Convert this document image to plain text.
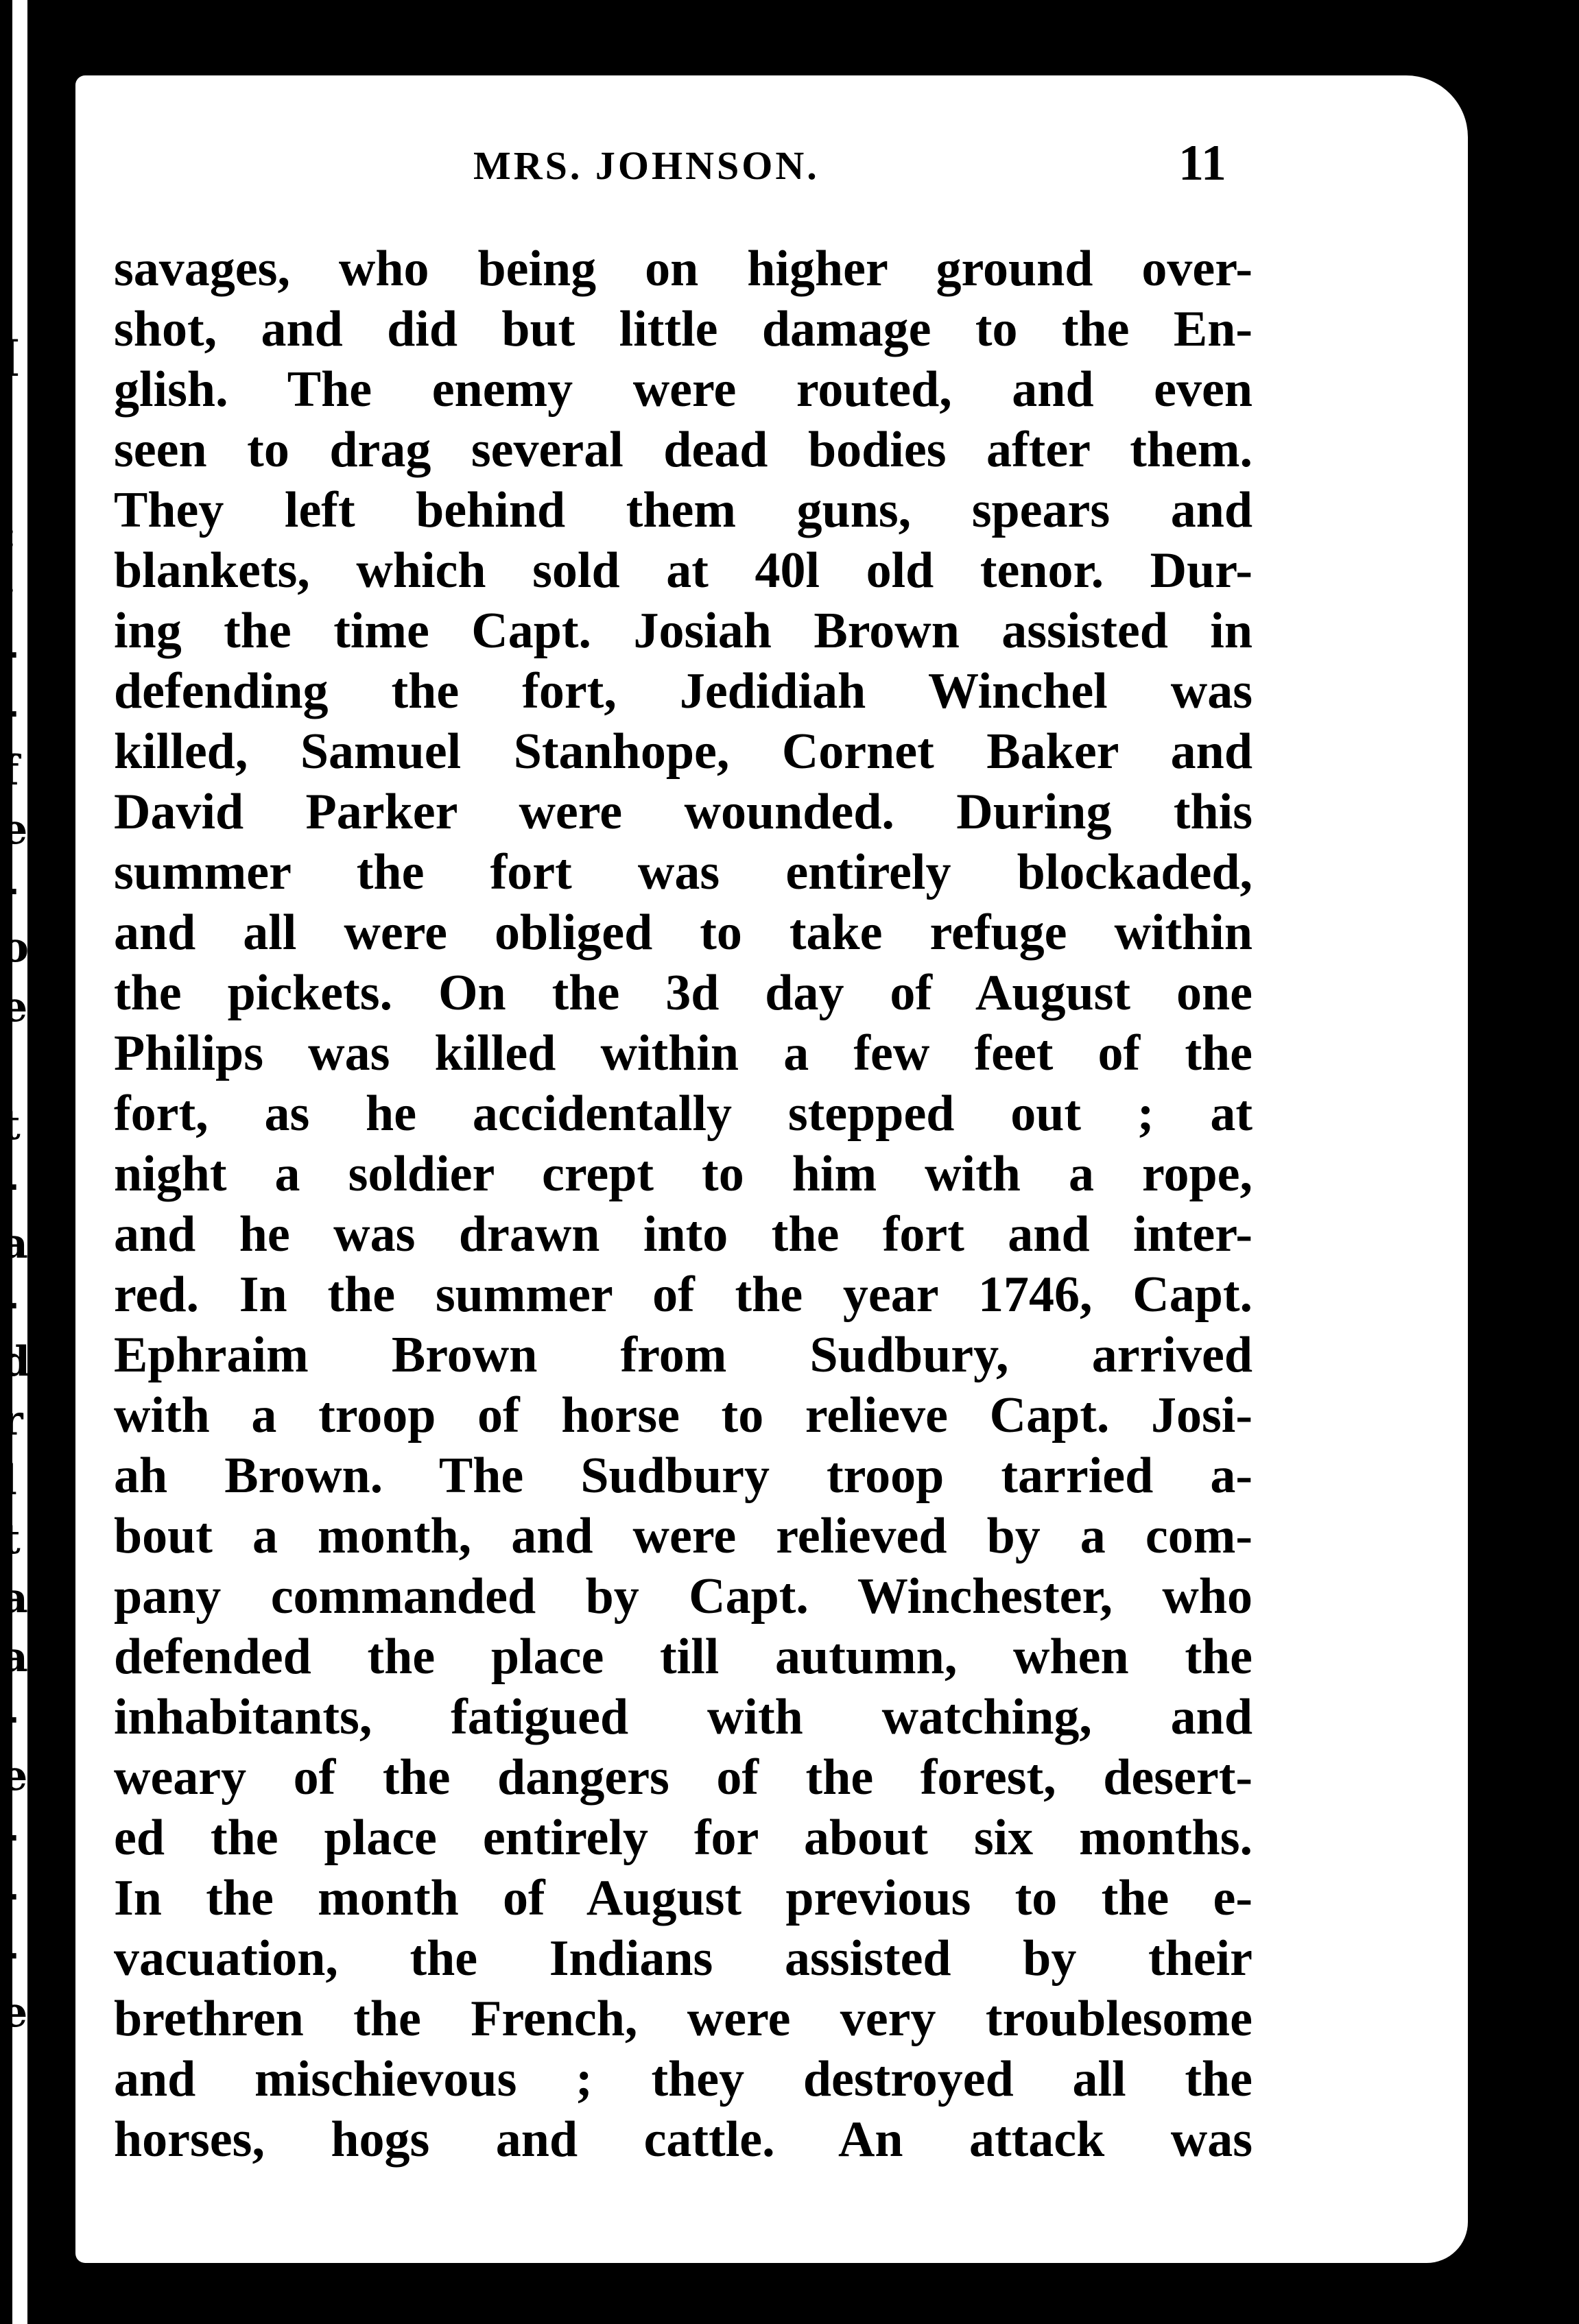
[
|
,
:
;
-
-
f
e
-
o
e
,
t
-
a
-
d
r
l
t
a
a
-
e
-
-
-
e
MRS. JOHNSON.	11
savages, who being on higher ground over-
shot, and did but little damage to the En-
glish. The enemy were routed, and even
seen to drag several dead bodies after them.
They left behind them guns, spears and
blankets, which sold at 40l old tenor. Dur-
ing the time Capt. Josiah Brown assisted in
defending the fort, Jedidiah Winchel was
killed, Samuel Stanhope, Cornet Baker and
David Parker were wounded. During this
summer the fort was entirely blockaded,
and all were obliged to take refuge within
the pickets. On the 3d day of August one
Philips was killed within a few feet of the
fort, as he accidentally stepped out ; at
night a soldier crept to him with a rope,
and he was drawn into the fort and inter-
red. In the summer of the year 1746, Capt.
Ephraim Brown from Sudbury, arrived
with a troop of horse to relieve Capt. Josi-
ah Brown. The Sudbury troop tarried a-
bout a month, and were relieved by a com-
pany commanded by Capt. Winchester, who
defended the place till autumn, when the
inhabitants, fatigued with watching, and
weary of the dangers of the forest, desert-
ed the place entirely for about six months.
In the month of August previous to the e-
vacuation, the Indians assisted by their
brethren the French, were very troublesome
and mischievous ; they destroyed all the
horses, hogs and cattle. An attack was
